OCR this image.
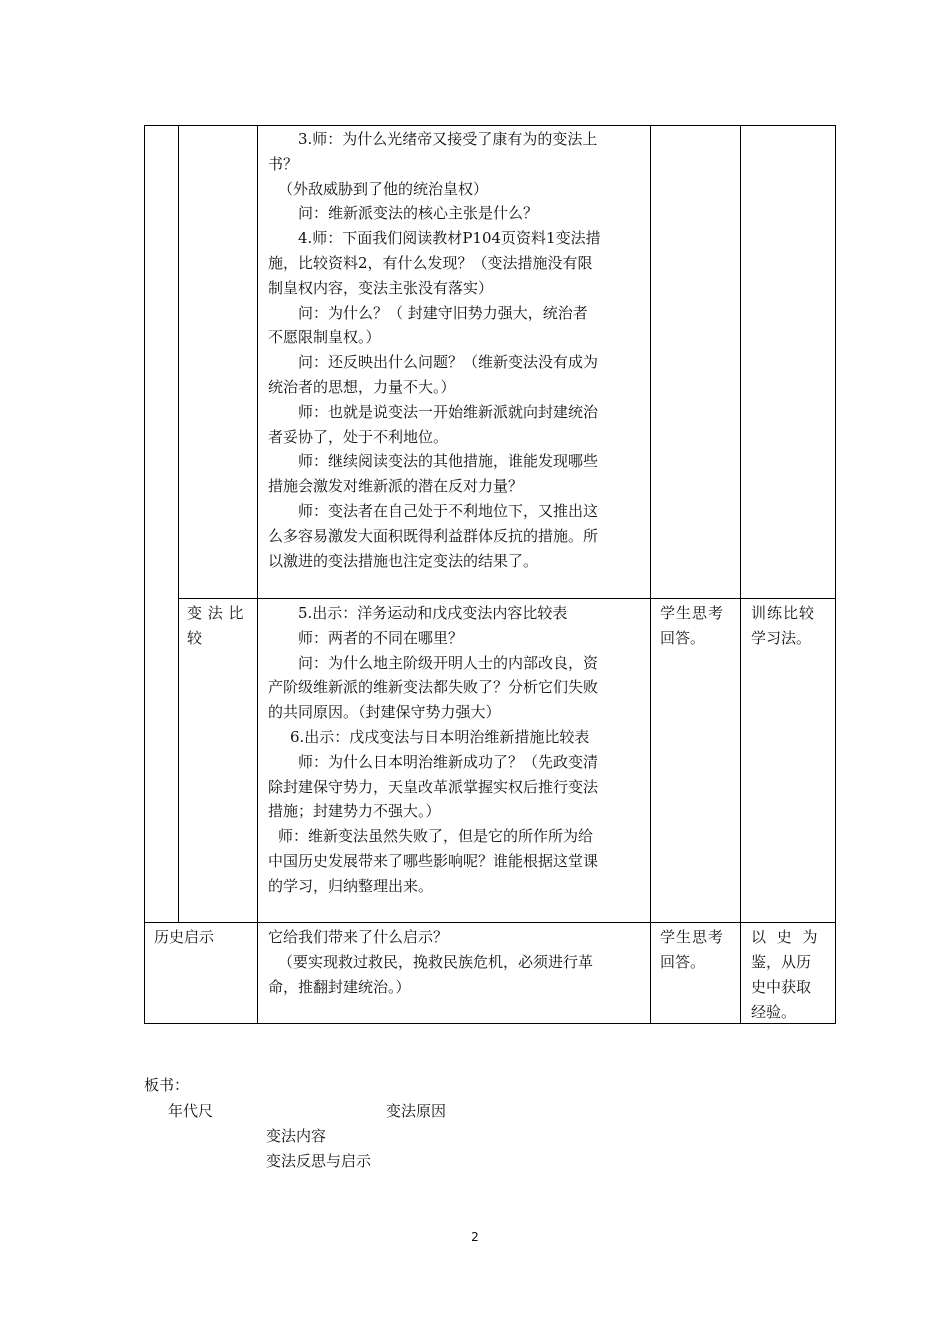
3.师：为什么光绪帝又接受了康有为的变法上
书？
（外敌威胁到了他的统治皇权）
问：维新派变法的核心主张是什么？
4.师：下面我们阅读教材P104页资料1变法措
施，比较资料2，有什么发现？（变法措施没有限
制皇权内容，变法主张没有落实）
问：为什么？（ 封建守旧势力强大，统治者
不愿限制皇权。）
问：还反映出什么问题？（维新变法没有成为
统治者的思想，力量不大。）
师：也就是说变法一开始维新派就向封建统治
者妥协了，处于不利地位。
师：继续阅读变法的其他措施，谁能发现哪些
措施会激发对维新派的潜在反对力量？
师：变法者在自己处于不利地位下，又推出这
么多容易激发大面积既得利益群体反抗的措施。所
以激进的变法措施也注定变法的结果了。
变 法 比
较
5.出示：洋务运动和戊戌变法内容比较表
师：两者的不同在哪里？
问：为什么地主阶级开明人士的内部改良，资
产阶级维新派的维新变法都失败了？分析它们失败
的共同原因。（封建保守势力强大）
6.出示：戊戌变法与日本明治维新措施比较表
师：为什么日本明治维新成功了？（先政变清
除封建保守势力，天皇改革派掌握实权后推行变法
措施；封建势力不强大。）
师：维新变法虽然失败了，但是它的所作所为给
中国历史发展带来了哪些影响呢？谁能根据这堂课
的学习，归纳整理出来。
学生思考
回答。
训练比较
学习法。
历史启示	它给我们带来了什么启示？
（要实现救过救民，挽救民族危机，必须进行革
命，推翻封建统治。）
学生思考
回答。
以 史 为
鉴，从历
史中获取
经验。
板书：
年代尺	变法原因
变法内容
变法反思与启示
2
